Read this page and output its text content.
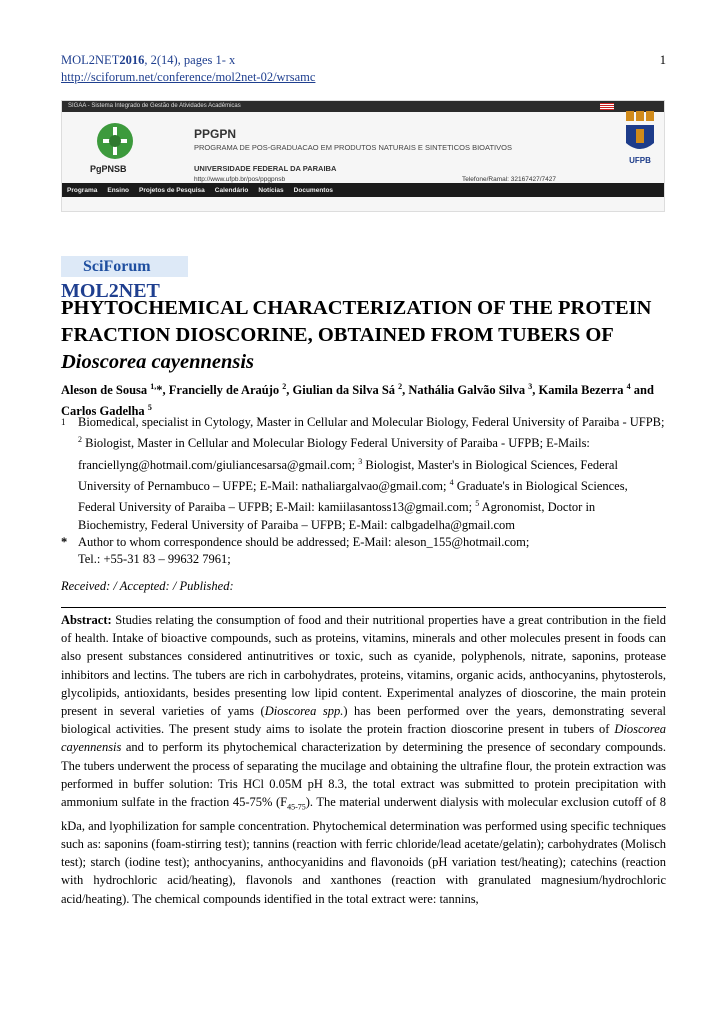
MOL2NET2016, 2(14), pages 1- x	1
http://sciforum.net/conference/mol2net-02/wrsamc
SIGAA - Sistema Integrado de Gestão de Atividades Acadêmicas
PgPNSB
PPGPN
PROGRAMA DE POS-GRADUACAO EM PRODUTOS NATURAIS E SINTETICOS BIOATIVOS
UNIVERSIDADE FEDERAL DA PARAIBA
http://www.ufpb.br/pos/ppgpnsb	Telefone/Ramal: 32167427/7427
UFPB
Programa	Ensino	Projetos de Pesquisa	Calendário	Notícias	Documentos
SciForum
MOL2NET
PHYTOCHEMICAL CHARACTERIZATION OF THE PROTEIN FRACTION DIOSCORINE, OBTAINED FROM TUBERS OF Dioscorea cayennensis
Aleson de Sousa $^{1,}$*, Francielly de Araújo $^2$, Giulian da Silva Sá $^2$, Nathália Galvão Silva $^3$, Kamila Bezerra $^4$ and Carlos Gadelha $^5$
1 Biomedical, specialist in Cytology, Master in Cellular and Molecular Biology, Federal University of Paraiba - UFPB; $^2$ Biologist, Master in Cellular and Molecular Biology Federal University of Paraiba - UFPB; E-Mails: franciellyng@hotmail.com/giuliancesarsa@gmail.com; $^3$ Biologist, Master's in Biological Sciences, Federal University of Pernambuco – UFPE; E-Mail: nathaliargalvao@gmail.com; $^4$ Graduate's in Biological Sciences, Federal University of Paraiba – UFPB; E-Mail: kamiilasantoss13@gmail.com; $^5$ Agronomist, Doctor in Biochemistry, Federal University of Paraiba – UFPB; E-Mail: calbgadelha@gmail.com
* Author to whom correspondence should be addressed; E-Mail: aleson_155@hotmail.com;
Tel.: +55-31 83 – 99632 7961;
Received: / Accepted: / Published:
Abstract: Studies relating the consumption of food and their nutritional properties have a great contribution in the field of health. Intake of bioactive compounds, such as proteins, vitamins, minerals and other molecules present in foods can also present substances considered antinutritives or toxic, such as cyanide, polyphenols, nitrate, saponins, protease inhibitors and lectins. The tubers are rich in carbohydrates, proteins, vitamins, organic acids, anthocyanins, phytosterols, glycolipids, antioxidants, besides presenting low lipid content. Experimental analyzes of dioscorine, the main protein present in several varieties of yams (Dioscorea spp.) has been performed over the years, demonstrating several biological activities. The present study aims to isolate the protein fraction dioscorine present in tubers of Dioscorea cayennensis and to perform its phytochemical characterization by determining the presence of secondary compounds. The tubers underwent the process of separating the mucilage and obtaining the ultrafine flour, the protein extraction was performed in buffer solution: Tris HCl 0.05M pH 8.3, the total extract was submitted to protein precipitation with ammonium sulfate in the fraction 45-75% $(F_{45-75})$. The material underwent dialysis with molecular exclusion cutoff of 8 kDa, and lyophilization for sample concentration. Phytochemical determination was performed using specific techniques such as: saponins (foam-stirring test); tannins (reaction with ferric chloride/lead acetate/gelatin); carbohydrates (Molisch test); starch (iodine test); anthocyanins, anthocyanidins and flavonoids (pH variation test/heating); catechins (reaction with hydrochloric acid/heating), flavonols and xanthones (reaction with granulated magnesium/hydrochloric acid/heating). The chemical compounds identified in the total extract were: tannins,
